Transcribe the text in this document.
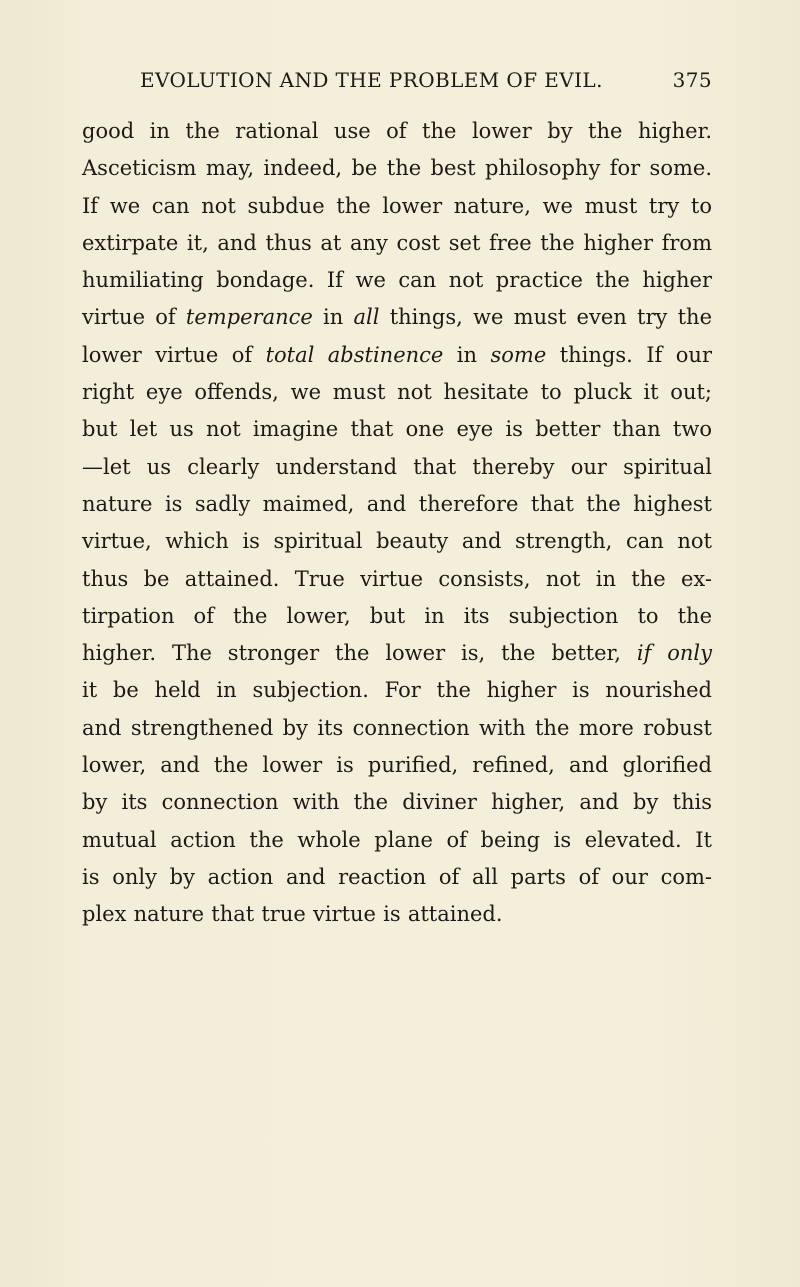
EVOLUTION AND THE PROBLEM OF EVIL.	375
good in the rational use of the lower by the higher.
Asceticism may, indeed, be the best philosophy for some.
If we can not subdue the lower nature, we must try to
extirpate it, and thus at any cost set free the higher from
humiliating bondage. If we can not practice the higher
virtue of temperance in all things, we must even try the
lower virtue of total abstinence in some things. If our
right eye offends, we must not hesitate to pluck it out;
but let us not imagine that one eye is better than two
—let us clearly understand that thereby our spiritual
nature is sadly maimed, and therefore that the highest
virtue, which is spiritual beauty and strength, can not
thus be attained. True virtue consists, not in the ex-
tirpation of the lower, but in its subjection to the
higher. The stronger the lower is, the better, if only
it be held in subjection. For the higher is nourished
and strengthened by its connection with the more robust
lower, and the lower is purified, refined, and glorified
by its connection with the diviner higher, and by this
mutual action the whole plane of being is elevated. It
is only by action and reaction of all parts of our com-
plex nature that true virtue is attained.
